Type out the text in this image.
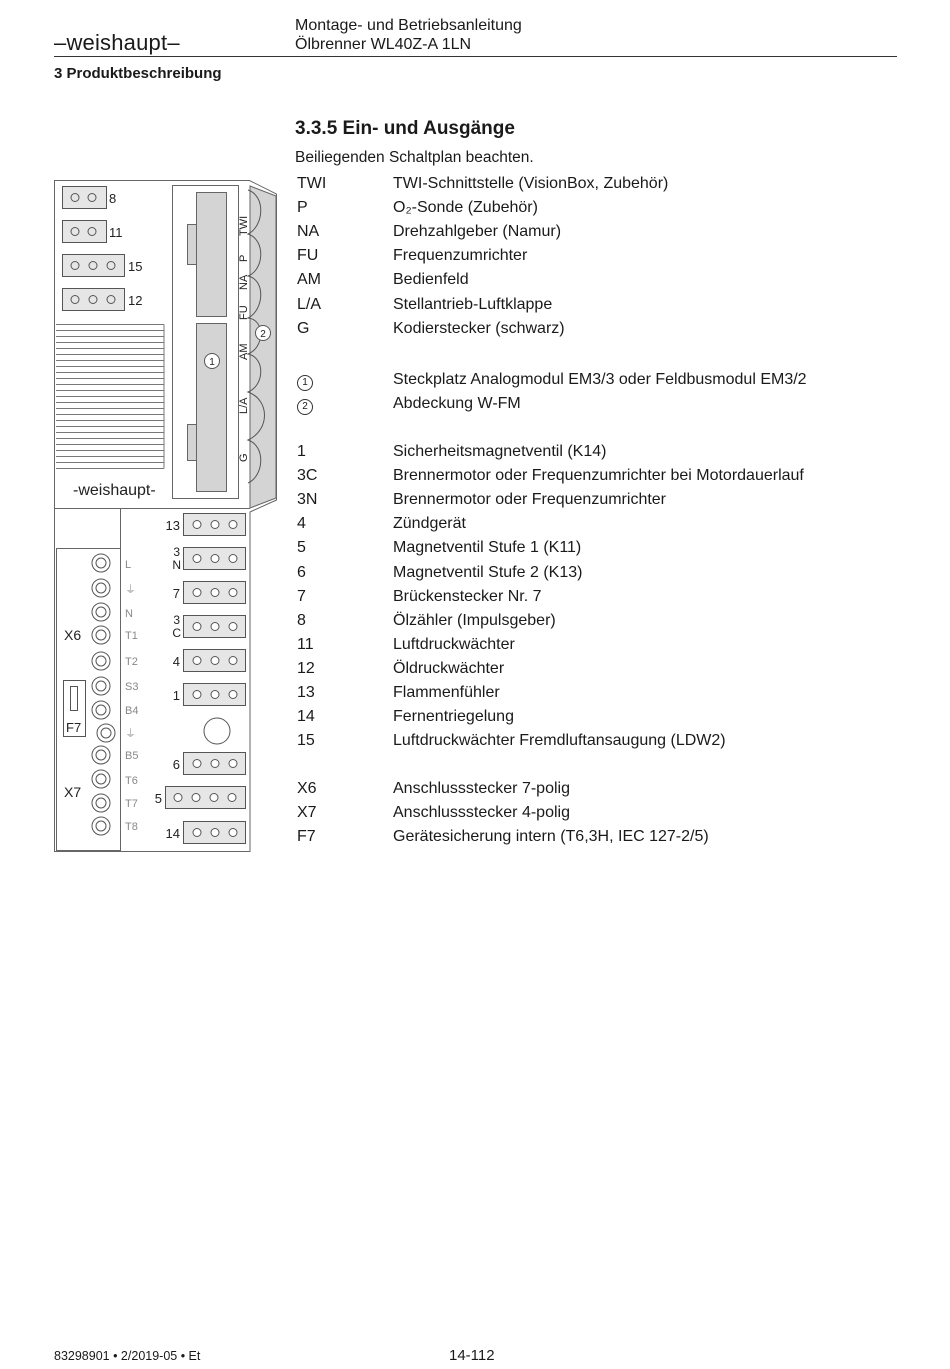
–weishaupt–
Montage- und Betriebsanleitung
Ölbrenner WL40Z-A 1LN
3 Produktbeschreibung
3.3.5 Ein- und Ausgänge
Beiliegenden Schaltplan beachten.
TWI	TWI-Schnittstelle (VisionBox, Zubehör)
P	O₂-Sonde (Zubehör)
NA	Drehzahlgeber (Namur)
FU	Frequenzumrichter
AM	Bedienfeld
L/A	Stellantrieb-Luftklappe
G	Kodierstecker (schwarz)
1	Steckplatz Analogmodul EM3/3 oder Feldbusmodul EM3/2
2	Abdeckung W-FM
1	Sicherheitsmagnetventil (K14)
3C	Brennermotor oder Frequenzumrichter bei Motordauerlauf
3N	Brennermotor oder Frequenzumrichter
4	Zündgerät
5	Magnetventil Stufe 1 (K11)
6	Magnetventil Stufe 2 (K13)
7	Brückenstecker Nr. 7
8	Ölzähler (Impulsgeber)
11	Luftdruckwächter
12	Öldruckwächter
13	Flammenfühler
14	Fernentriegelung
15	Luftdruckwächter Fremdluftansaugung (LDW2)
X6	Anschlussstecker 7-polig
X7	Anschlussstecker 4-polig
F7	Gerätesicherung intern (T6,3H, IEC 127-2/5)
8
11
15
12
TWI
P
NA
FU
AM
L/A
G
1
2
-weishaupt-
L
⏚
N
T1
T2
S3
B4
⏚
B5
T6
T7
T8
X6
X7
F7
13
3
N
7
3
C
4
1
6
5
14
83298901 • 2/2019-05 • Et	14-112
